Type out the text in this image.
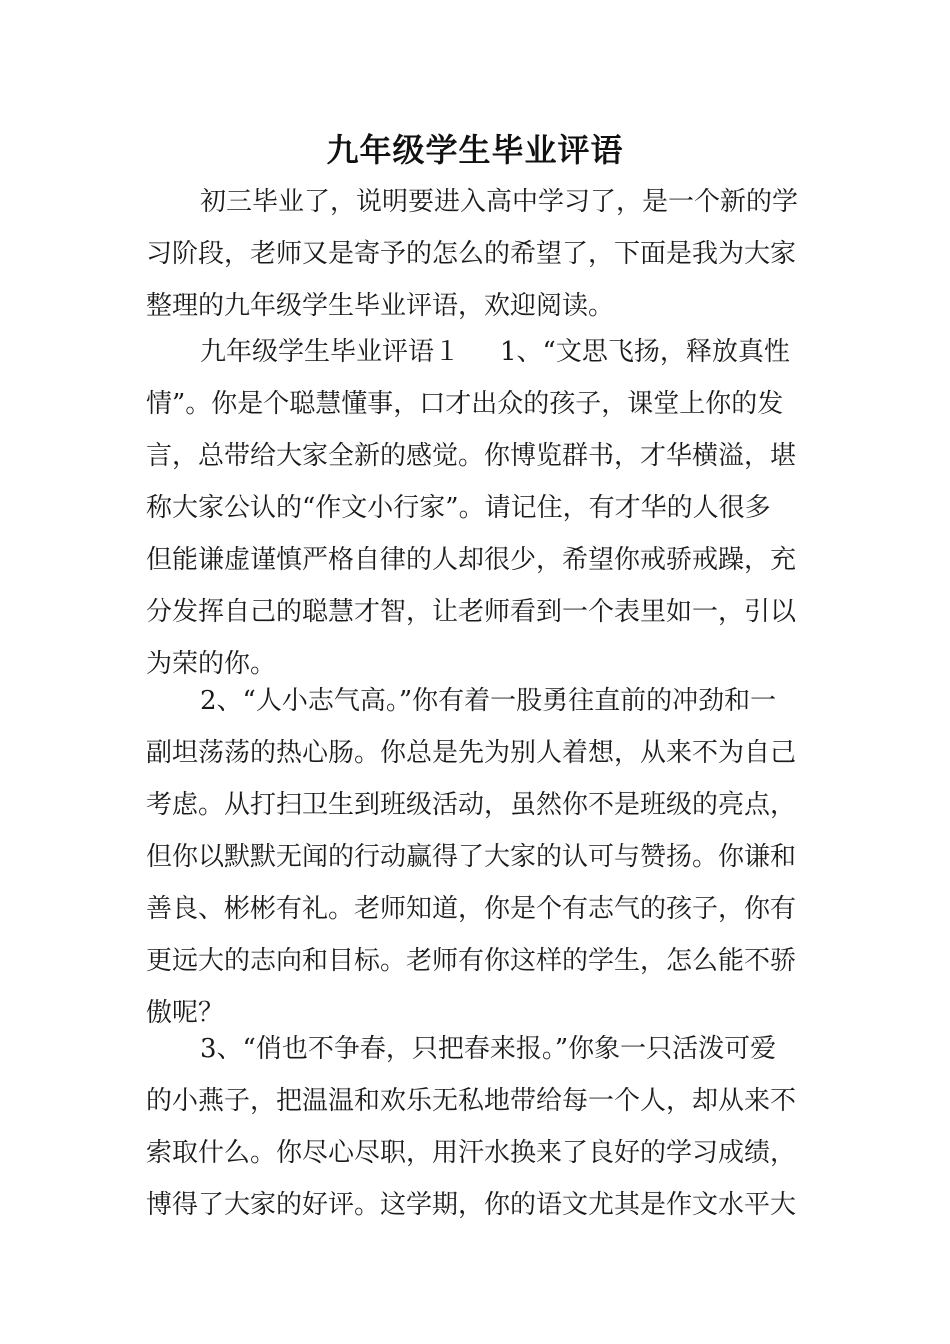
九年级学生毕业评语
初三毕业了，说明要进入高中学习了，是一个新的学
习阶段，老师又是寄予的怎么的希望了，下面是我为大家
整理的九年级学生毕业评语，欢迎阅读。
九年级学生毕业评语１ 1、“文思飞扬，释放真性
情”。你是个聪慧懂事，口才出众的孩子，课堂上你的发
言，总带给大家全新的感觉。你博览群书，才华横溢，堪
称大家公认的“作文小行家”。请记住，有才华的人很多
但能谦虚谨慎严格自律的人却很少，希望你戒骄戒躁，充
分发挥自己的聪慧才智，让老师看到一个表里如一，引以
为荣的你。
2、“人小志气高。”你有着一股勇往直前的冲劲和一
副坦荡荡的热心肠。你总是先为别人着想，从来不为自己
考虑。从打扫卫生到班级活动，虽然你不是班级的亮点，
但你以默默无闻的行动赢得了大家的认可与赞扬。你谦和
善良、彬彬有礼。老师知道，你是个有志气的孩子，你有
更远大的志向和目标。老师有你这样的学生，怎么能不骄
傲呢？
3、“俏也不争春，只把春来报。”你象一只活泼可爱
的小燕子，把温温和欢乐无私地带给每一个人，却从来不
索取什么。你尽心尽职，用汗水换来了良好的学习成绩，
博得了大家的好评。这学期，你的语文尤其是作文水平大
